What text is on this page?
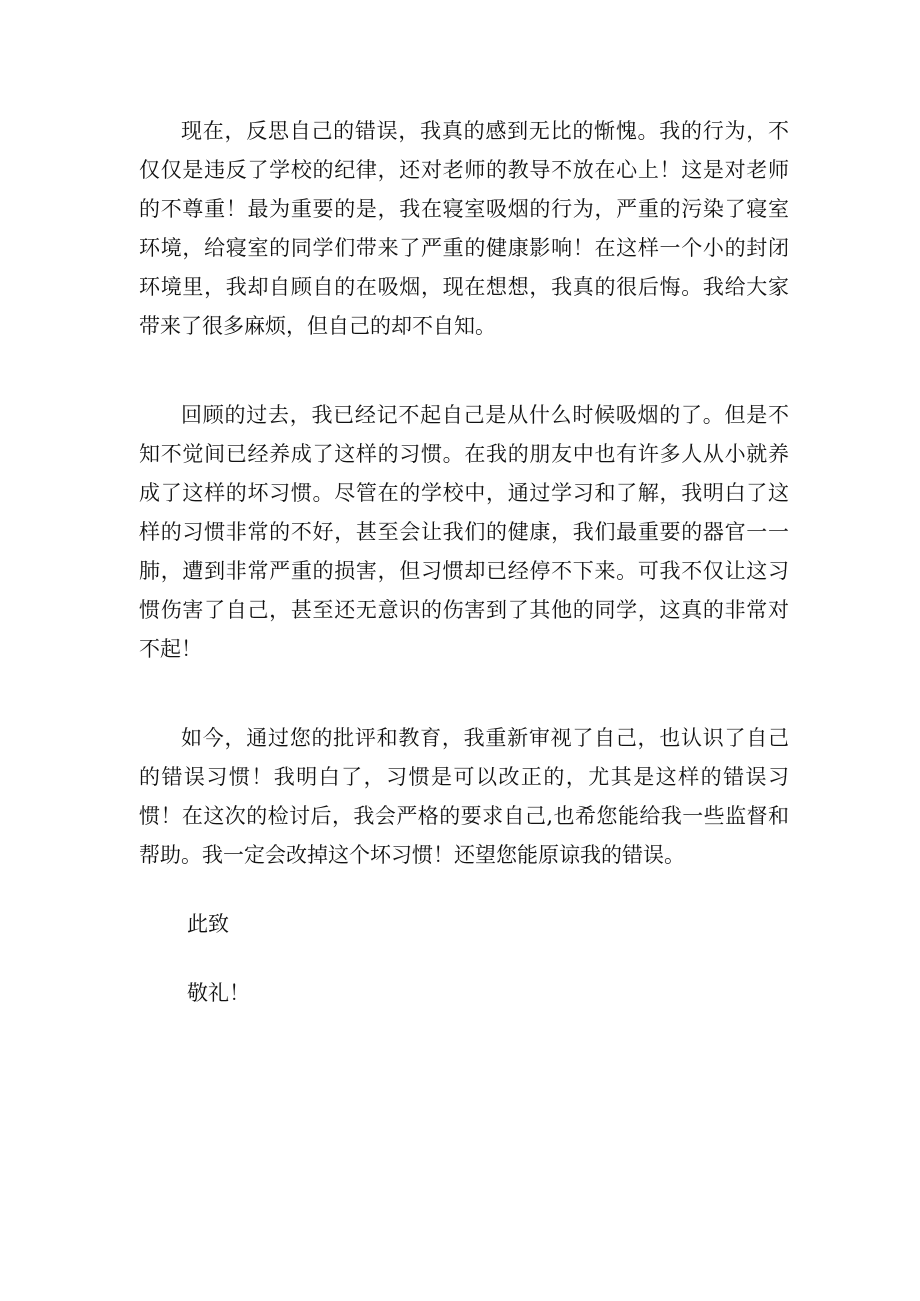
现在，反思自己的错误，我真的感到无比的惭愧。我的行为，不仅仅是违反了学校的纪律，还对老师的教导不放在心上！这是对老师的不尊重！最为重要的是，我在寝室吸烟的行为，严重的污染了寝室环境，给寝室的同学们带来了严重的健康影响！在这样一个小的封闭环境里，我却自顾自的在吸烟，现在想想，我真的很后悔。我给大家带来了很多麻烦，但自己的却不自知。

回顾的过去，我已经记不起自己是从什么时候吸烟的了。但是不知不觉间已经养成了这样的习惯。在我的朋友中也有许多人从小就养成了这样的坏习惯。尽管在的学校中，通过学习和了解，我明白了这样的习惯非常的不好，甚至会让我们的健康，我们最重要的器官一一肺，遭到非常严重的损害，但习惯却已经停不下来。可我不仅让这习惯伤害了自己，甚至还无意识的伤害到了其他的同学，这真的非常对不起！

如今，通过您的批评和教育，我重新审视了自己，也认识了自己的错误习惯！我明白了，习惯是可以改正的，尤其是这样的错误习惯！在这次的检讨后，我会严格的要求自己,也希您能给我一些监督和帮助。我一定会改掉这个坏习惯！还望您能原谅我的错误。

此致

敬礼！
